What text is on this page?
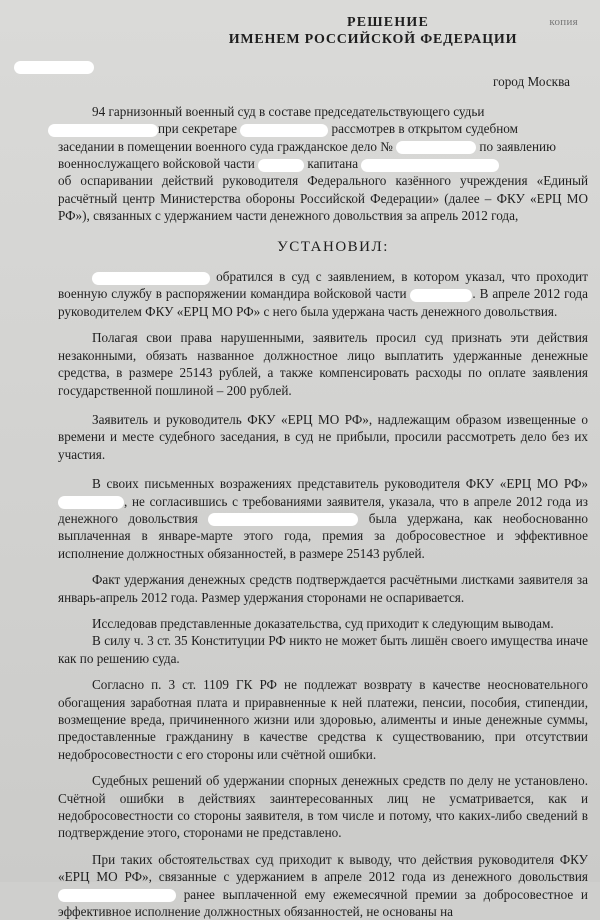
копия
РЕШЕНИЕ
ИМЕНЕМ РОССИЙСКОЙ ФЕДЕРАЦИИ
город Москва

94 гарнизонный военный суд в составе председательствующего судьи

при секретаре	рассмотрев в открытом судебном

заседании в помещении военного суда гражданское дело №	по заявлению

военнослужащего войсковой части	капитана

об оспаривании действий руководителя Федерального казённого учреждения «Единый расчётный центр Министерства обороны Российской Федерации» (далее – ФКУ «ЕРЦ МО РФ»), связанных с удержанием части денежного довольствия за апрель 2012 года,

УСТАНОВИЛ:

обратился в суд с заявлением, в котором указал, что проходит военную службу в распоряжении командира войсковой части	. В апреле 2012 года руководителем ФКУ «ЕРЦ МО РФ» с него была удержана часть денежного довольствия.

Полагая свои права нарушенными, заявитель просил суд признать эти действия незаконными, обязать названное должностное лицо выплатить удержанные денежные средства, в размере 25143 рублей, а также компенсировать расходы по оплате заявления государственной пошлиной – 200 рублей.

Заявитель и руководитель ФКУ «ЕРЦ МО РФ», надлежащим образом извещенные о времени и месте судебного заседания, в суд не прибыли, просили рассмотреть дело без их участия.

В своих письменных возражениях представитель руководителя ФКУ «ЕРЦ МО РФ» , не согласившись с требованиями заявителя, указала, что в апреле 2012 года из денежного довольствия	была удержана, как необоснованно выплаченная в январе-марте этого года, премия за добросовестное и эффективное исполнение должностных обязанностей, в размере 25143 рублей.

Факт удержания денежных средств подтверждается расчётными листками заявителя за январь-апрель 2012 года. Размер удержания сторонами не оспаривается.

Исследовав представленные доказательства, суд приходит к следующим выводам.

В силу ч. 3 ст. 35 Конституции РФ никто не может быть лишён своего имущества иначе как по решению суда.

Согласно п. 3 ст. 1109 ГК РФ не подлежат возврату в качестве неосновательного обогащения заработная плата и приравненные к ней платежи, пенсии, пособия, стипендии, возмещение вреда, причиненного жизни или здоровью, алименты и иные денежные суммы, предоставленные гражданину в качестве средства к существованию, при отсутствии недобросовестности с его стороны или счётной ошибки.

Судебных решений об удержании спорных денежных средств по делу не установлено. Счётной ошибки в действиях заинтересованных лиц не усматривается, как и недобросовестности со стороны заявителя, в том числе и потому, что каких-либо сведений в подтверждение этого, сторонами не представлено.

При таких обстоятельствах суд приходит к выводу, что действия руководителя ФКУ «ЕРЦ МО РФ», связанные с удержанием в апреле 2012 года из денежного довольствия  ранее выплаченной ему ежемесячной премии за добросовестное и эффективное исполнение должностных обязанностей, не основаны на
